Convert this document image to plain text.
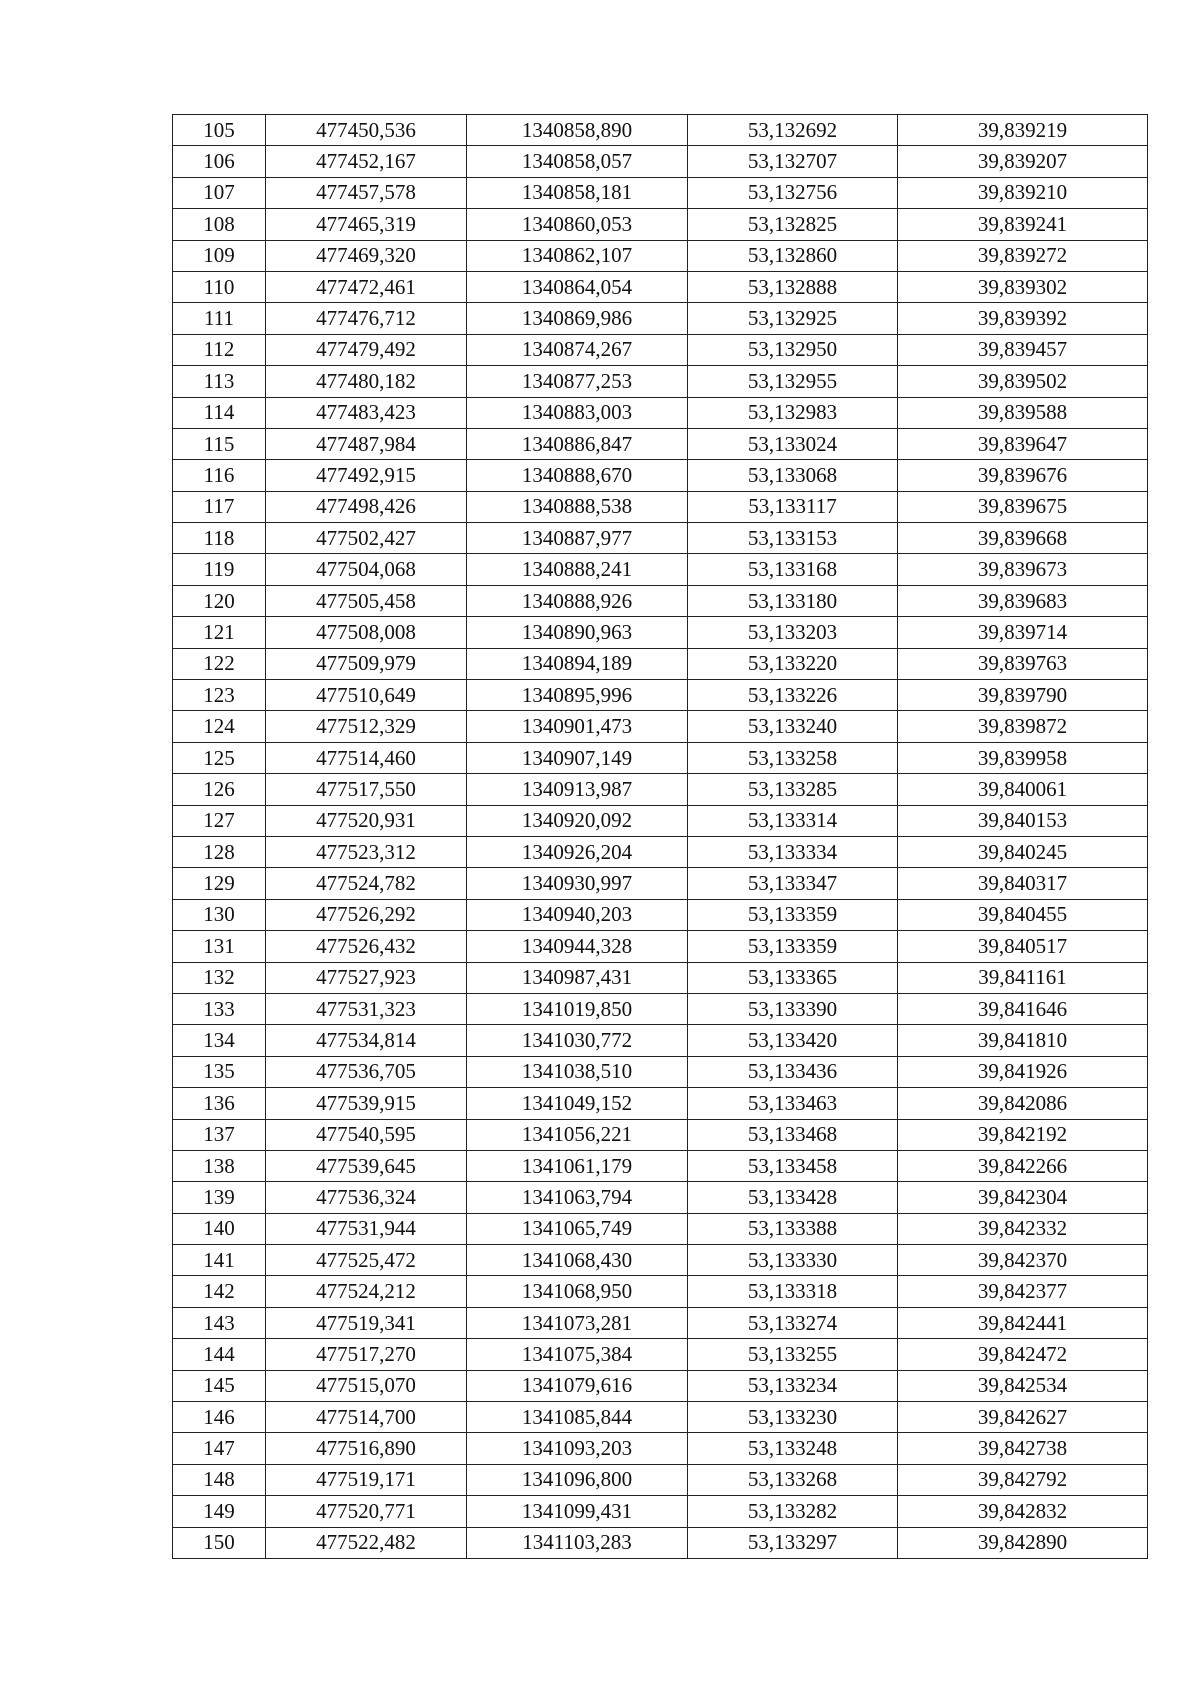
105	477450,536	1340858,890	53,132692	39,839219
106	477452,167	1340858,057	53,132707	39,839207
107	477457,578	1340858,181	53,132756	39,839210
108	477465,319	1340860,053	53,132825	39,839241
109	477469,320	1340862,107	53,132860	39,839272
110	477472,461	1340864,054	53,132888	39,839302
111	477476,712	1340869,986	53,132925	39,839392
112	477479,492	1340874,267	53,132950	39,839457
113	477480,182	1340877,253	53,132955	39,839502
114	477483,423	1340883,003	53,132983	39,839588
115	477487,984	1340886,847	53,133024	39,839647
116	477492,915	1340888,670	53,133068	39,839676
117	477498,426	1340888,538	53,133117	39,839675
118	477502,427	1340887,977	53,133153	39,839668
119	477504,068	1340888,241	53,133168	39,839673
120	477505,458	1340888,926	53,133180	39,839683
121	477508,008	1340890,963	53,133203	39,839714
122	477509,979	1340894,189	53,133220	39,839763
123	477510,649	1340895,996	53,133226	39,839790
124	477512,329	1340901,473	53,133240	39,839872
125	477514,460	1340907,149	53,133258	39,839958
126	477517,550	1340913,987	53,133285	39,840061
127	477520,931	1340920,092	53,133314	39,840153
128	477523,312	1340926,204	53,133334	39,840245
129	477524,782	1340930,997	53,133347	39,840317
130	477526,292	1340940,203	53,133359	39,840455
131	477526,432	1340944,328	53,133359	39,840517
132	477527,923	1340987,431	53,133365	39,841161
133	477531,323	1341019,850	53,133390	39,841646
134	477534,814	1341030,772	53,133420	39,841810
135	477536,705	1341038,510	53,133436	39,841926
136	477539,915	1341049,152	53,133463	39,842086
137	477540,595	1341056,221	53,133468	39,842192
138	477539,645	1341061,179	53,133458	39,842266
139	477536,324	1341063,794	53,133428	39,842304
140	477531,944	1341065,749	53,133388	39,842332
141	477525,472	1341068,430	53,133330	39,842370
142	477524,212	1341068,950	53,133318	39,842377
143	477519,341	1341073,281	53,133274	39,842441
144	477517,270	1341075,384	53,133255	39,842472
145	477515,070	1341079,616	53,133234	39,842534
146	477514,700	1341085,844	53,133230	39,842627
147	477516,890	1341093,203	53,133248	39,842738
148	477519,171	1341096,800	53,133268	39,842792
149	477520,771	1341099,431	53,133282	39,842832
150	477522,482	1341103,283	53,133297	39,842890
